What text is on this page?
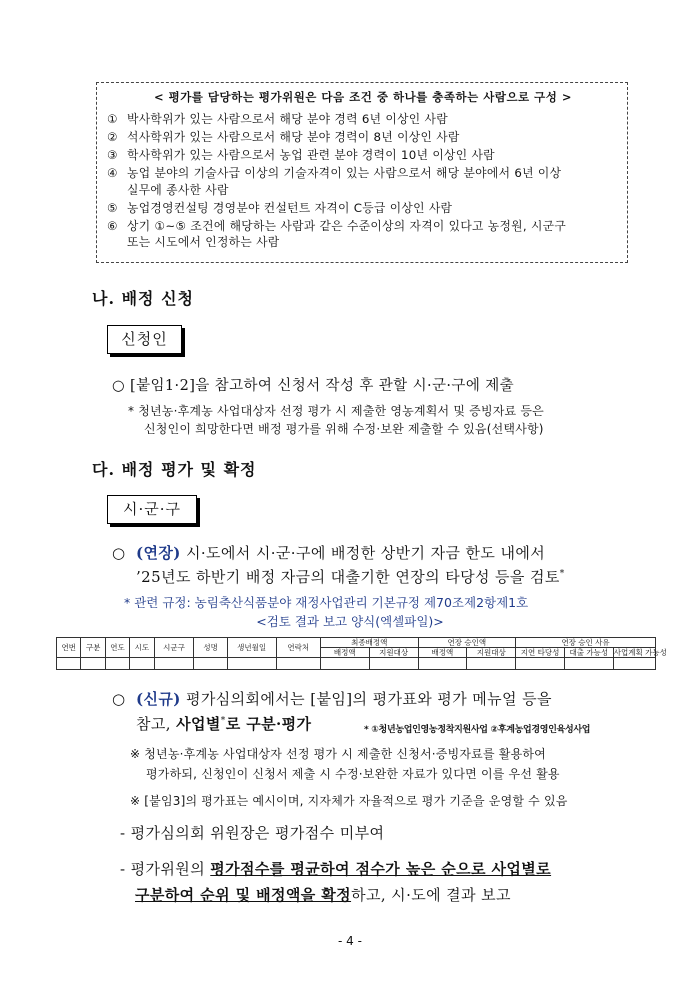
< 평가를 담당하는 평가위원은 다음 조건 중 하나를 충족하는 사람으로 구성 >
① 박사학위가 있는 사람으로서 해당 분야 경력 6년 이상인 사람
② 석사학위가 있는 사람으로서 해당 분야 경력이 8년 이상인 사람
③ 학사학위가 있는 사람으로서 농업 관련 분야 경력이 10년 이상인 사람
④ 농업 분야의 기술사급 이상의 기술자격이 있는 사람으로서 해당 분야에서 6년 이상
실무에 종사한 사람
⑤ 농업경영컨설팅 경영분야 컨설턴트 자격이 C등급 이상인 사람
⑥ 상기 ①~⑤ 조건에 해당하는 사람과 같은 수준이상의 자격이 있다고 농정원, 시군구
또는 시도에서 인정하는 사람
나. 배정 신청
신청인
○ [붙임1·2]을 참고하여 신청서 작성 후 관할 시·군·구에 제출
* 청년농·후계농 사업대상자 선정 평가 시 제출한 영농계획서 및 증빙자료 등은
신청인이 희망한다면 배정 평가를 위해 수정·보완 제출할 수 있음(선택사항)
다. 배정 평가 및 확정
시·군·구
○ (연장) 시·도에서 시·군·구에 배정한 상반기 자금 한도 내에서
’25년도 하반기 배정 자금의 대출기한 연장의 타당성 등을 검토*
* 관련 규정: 농림축산식품분야 재정사업관리 기본규정 제70조제2항제1호
<검토 결과 보고 양식(엑셀파일)>
연번	구분	연도	시도	시군구	성명	생년월일	연락처	최종배정액		연장 승인액		연장 승인 사유		
								배정액	지원대상	배정액	지원대상	지연 타당성	대출 가능성	사업계획 가능성

○ (신규) 평가심의회에서는 [붙임]의 평가표와 평가 메뉴얼 등을
참고, 사업별*로 구분·평가	* ①청년농업인영농정착지원사업 ②후계농업경영인육성사업
※ 청년농·후계농 사업대상자 선정 평가 시 제출한 신청서·증빙자료를 활용하여
평가하되, 신청인이 신청서 제출 시 수정·보완한 자료가 있다면 이를 우선 활용
※ [붙임3]의 평가표는 예시이며, 지자체가 자율적으로 평가 기준을 운영할 수 있음
- 평가심의회 위원장은 평가점수 미부여
- 평가위원의 평가점수를 평균하여 점수가 높은 순으로 사업별로
구분하여 순위 및 배정액을 확정하고, 시·도에 결과 보고
- 4 -
